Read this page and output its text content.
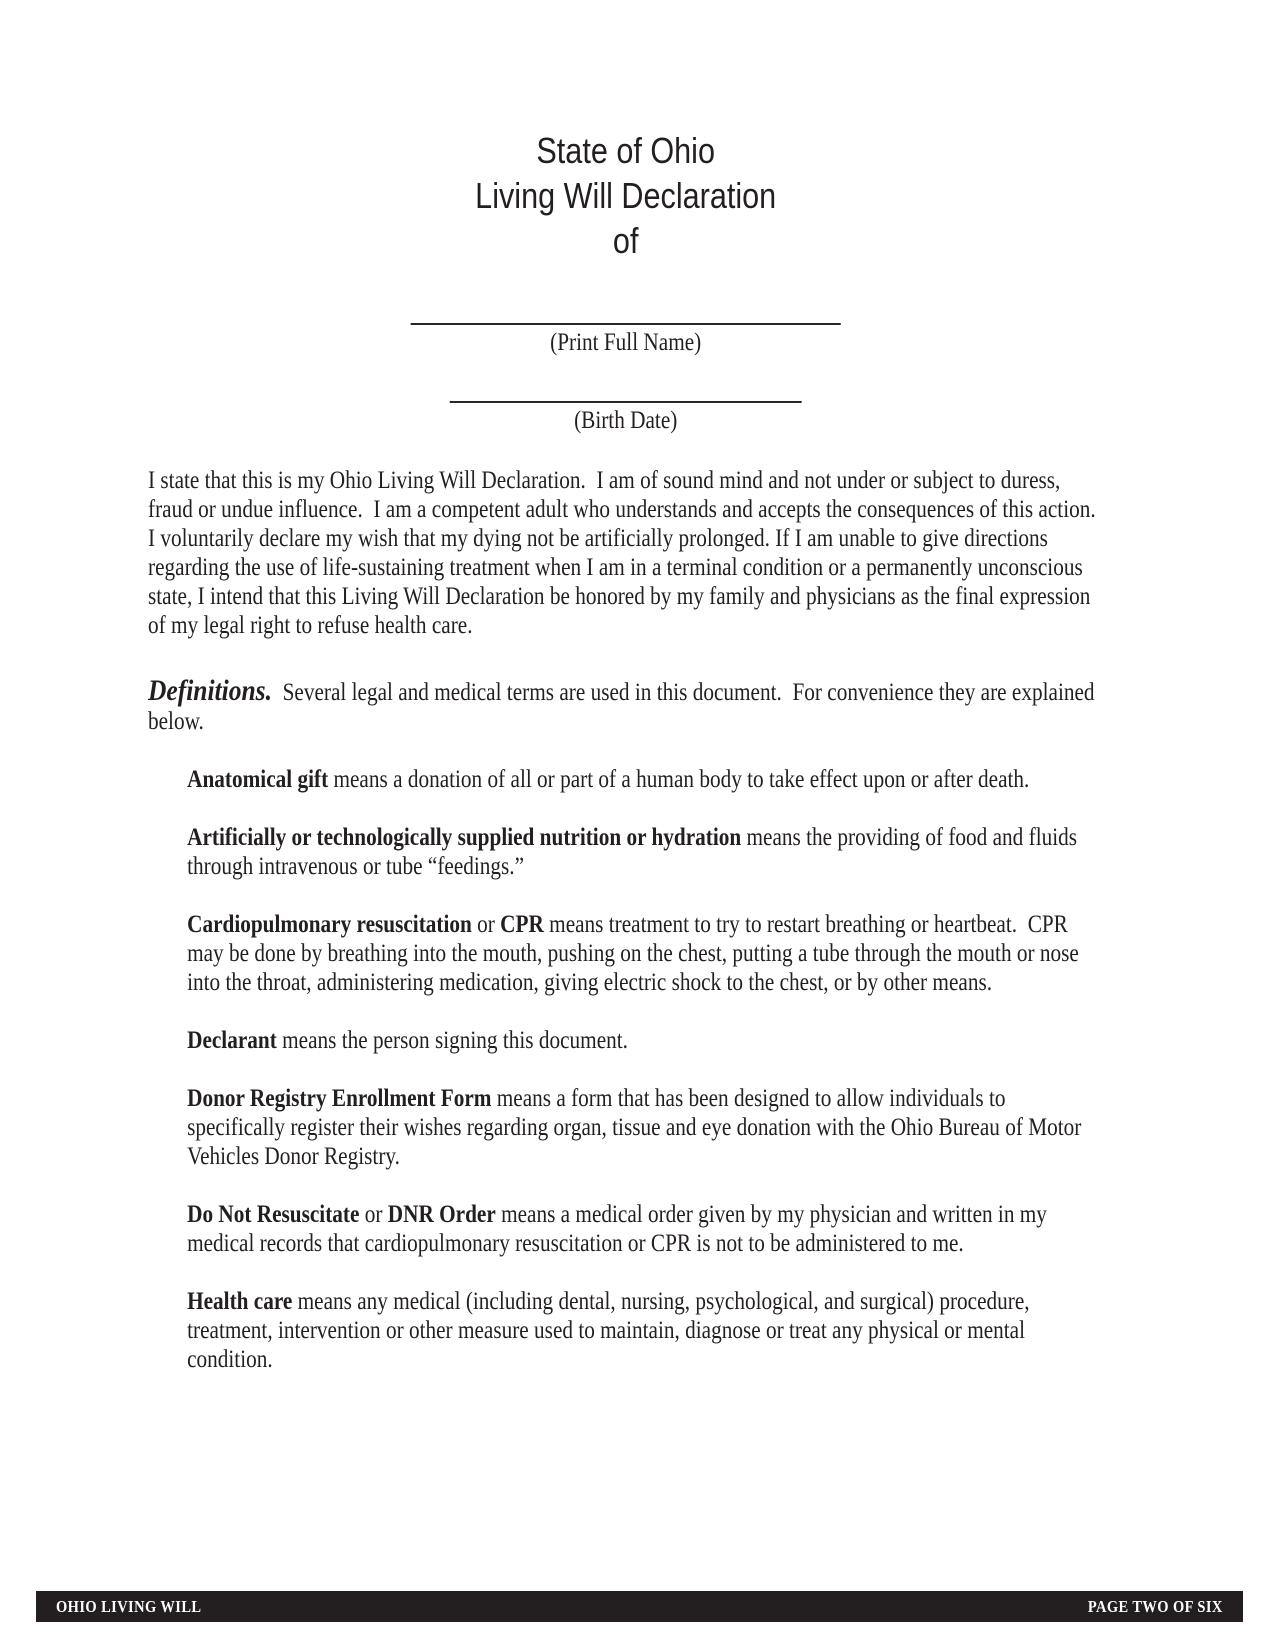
State of Ohio
Living Will Declaration
of
(Print Full Name)
(Birth Date)

I state that this is my Ohio Living Will Declaration.  I am of sound mind and not under or subject to duress, fraud or undue influence.  I am a competent adult who understands and accepts the consequences of this action.  I voluntarily declare my wish that my dying not be artificially prolonged. If I am unable to give directions regarding the use of life-sustaining treatment when I am in a terminal condition or a permanently unconscious state, I intend that this Living Will Declaration be honored by my family and physicians as the final expression of my legal right to refuse health care.

Definitions.  Several legal and medical terms are used in this document.  For convenience they are explained below.

Anatomical gift means a donation of all or part of a human body to take effect upon or after death.

Artificially or technologically supplied nutrition or hydration means the providing of food and fluids through intravenous or tube “feedings.”

Cardiopulmonary resuscitation or CPR means treatment to try to restart breathing or heartbeat.  CPR may be done by breathing into the mouth, pushing on the chest, putting a tube through the mouth or nose into the throat, administering medication, giving electric shock to the chest, or by other means.

Declarant means the person signing this document.

Donor Registry Enrollment Form means a form that has been designed to allow individuals to specifically register their wishes regarding organ, tissue and eye donation with the Ohio Bureau of Motor Vehicles Donor Registry.

Do Not Resuscitate or DNR Order means a medical order given by my physician and written in my medical records that cardiopulmonary resuscitation or CPR is not to be administered to me.

Health care means any medical (including dental, nursing, psychological, and surgical) procedure, treatment, intervention or other measure used to maintain, diagnose or treat any physical or mental condition.

OHIO LIVING WILL	PAGE TWO OF SIX
